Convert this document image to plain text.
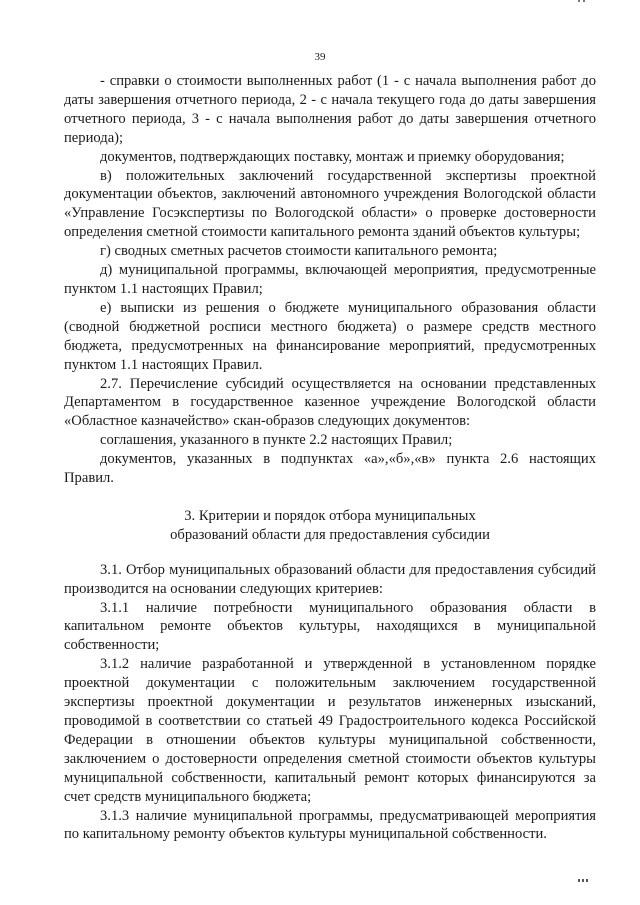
39

- справки о стоимости выполненных работ (1 - с начала выполнения работ до даты завершения отчетного периода, 2 - с начала текущего года до даты завершения отчетного периода, 3 - с начала выполнения работ до даты завершения отчетного периода);

документов, подтверждающих поставку, монтаж и приемку оборудования;

в) положительных заключений государственной экспертизы проектной документации объектов, заключений автономного учреждения Вологодской области «Управление Госэкспертизы по Вологодской области» о проверке достоверности определения сметной стоимости капитального ремонта зданий объектов культуры;

г) сводных сметных расчетов стоимости капитального ремонта;

д) муниципальной программы, включающей мероприятия, предусмотренные пунктом 1.1 настоящих Правил;

е) выписки из решения о бюджете муниципального образования области (сводной бюджетной росписи местного бюджета) о размере средств местного бюджета, предусмотренных на финансирование мероприятий, предусмотренных пунктом 1.1 настоящих Правил.

2.7. Перечисление субсидий осуществляется на основании представленных Департаментом в государственное казенное учреждение Вологодской области «Областное казначейство» скан-образов следующих документов:

соглашения, указанного в пункте 2.2 настоящих Правил;

документов, указанных в подпунктах «а»,«б»,«в» пункта 2.6 настоящих Правил.

3. Критерии и порядок отбора муниципальных

образований области для предоставления субсидии

3.1. Отбор муниципальных образований области для предоставления субсидий производится на основании следующих критериев:

3.1.1 наличие потребности муниципального образования области в капитальном ремонте объектов культуры, находящихся в муниципальной собственности;

3.1.2 наличие разработанной и утвержденной в установленном порядке проектной документации с положительным заключением государственной экспертизы проектной документации и результатов инженерных изысканий, проводимой в соответствии со статьей 49 Градостроительного кодекса Российской Федерации в отношении объектов культуры муниципальной собственности, заключением о достоверности определения сметной стоимости объектов культуры муниципальной собственности, капитальный ремонт которых финансируются за счет средств муниципального бюджета;

3.1.3 наличие муниципальной программы, предусматривающей мероприятия по капитальному ремонту объектов культуры муниципальной собственности.
